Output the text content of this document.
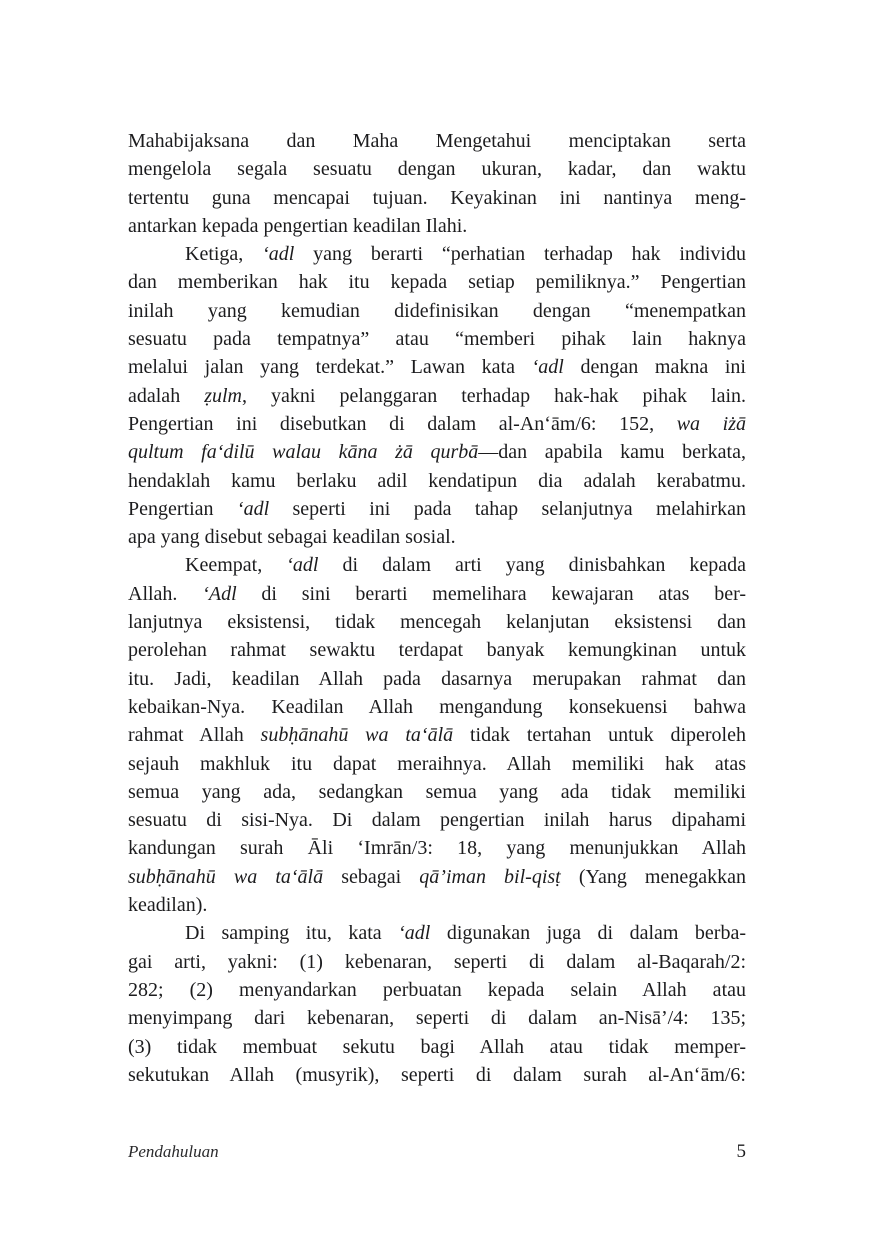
Mahabijaksana dan Maha Mengetahui menciptakan serta
mengelola segala sesuatu dengan ukuran, kadar, dan waktu
tertentu guna mencapai tujuan. Keyakinan ini nantinya meng-
antarkan kepada pengertian keadilan Ilahi.
Ketiga, ‘adl yang berarti “perhatian terhadap hak individu
dan memberikan hak itu kepada setiap pemiliknya.” Pengertian
inilah yang kemudian didefinisikan dengan “menempatkan
sesuatu pada tempatnya” atau “memberi pihak lain haknya
melalui jalan yang terdekat.” Lawan kata ‘adl dengan makna ini
adalah ẓulm, yakni pelanggaran terhadap hak-hak pihak lain.
Pengertian ini disebutkan di dalam al-An‘ām/6: 152, wa iżā
qultum fa‘dilū walau kāna żā qurbā—dan apabila kamu berkata,
hendaklah kamu berlaku adil kendatipun dia adalah kerabatmu.
Pengertian ‘adl seperti ini pada tahap selanjutnya melahirkan
apa yang disebut sebagai keadilan sosial.
Keempat, ‘adl di dalam arti yang dinisbahkan kepada
Allah. ‘Adl di sini berarti memelihara kewajaran atas ber-
lanjutnya eksistensi, tidak mencegah kelanjutan eksistensi dan
perolehan rahmat sewaktu terdapat banyak kemungkinan untuk
itu. Jadi, keadilan Allah pada dasarnya merupakan rahmat dan
kebaikan-Nya. Keadilan Allah mengandung konsekuensi bahwa
rahmat Allah subḥānahū wa ta‘ālā tidak tertahan untuk diperoleh
sejauh makhluk itu dapat meraihnya. Allah memiliki hak atas
semua yang ada, sedangkan semua yang ada tidak memiliki
sesuatu di sisi-Nya. Di dalam pengertian inilah harus dipahami
kandungan surah Āli ‘Imrān/3: 18, yang menunjukkan Allah
subḥānahū wa ta‘ālā sebagai qā’iman bil-qisṭ (Yang menegakkan
keadilan).
Di samping itu, kata ‘adl digunakan juga di dalam berba-
gai arti, yakni: (1) kebenaran, seperti di dalam al-Baqarah/2:
282; (2) menyandarkan perbuatan kepada selain Allah atau
menyimpang dari kebenaran, seperti di dalam an-Nisā’/4: 135;
(3) tidak membuat sekutu bagi Allah atau tidak memper-
sekutukan Allah (musyrik), seperti di dalam surah al-An‘ām/6:
Pendahuluan	5
